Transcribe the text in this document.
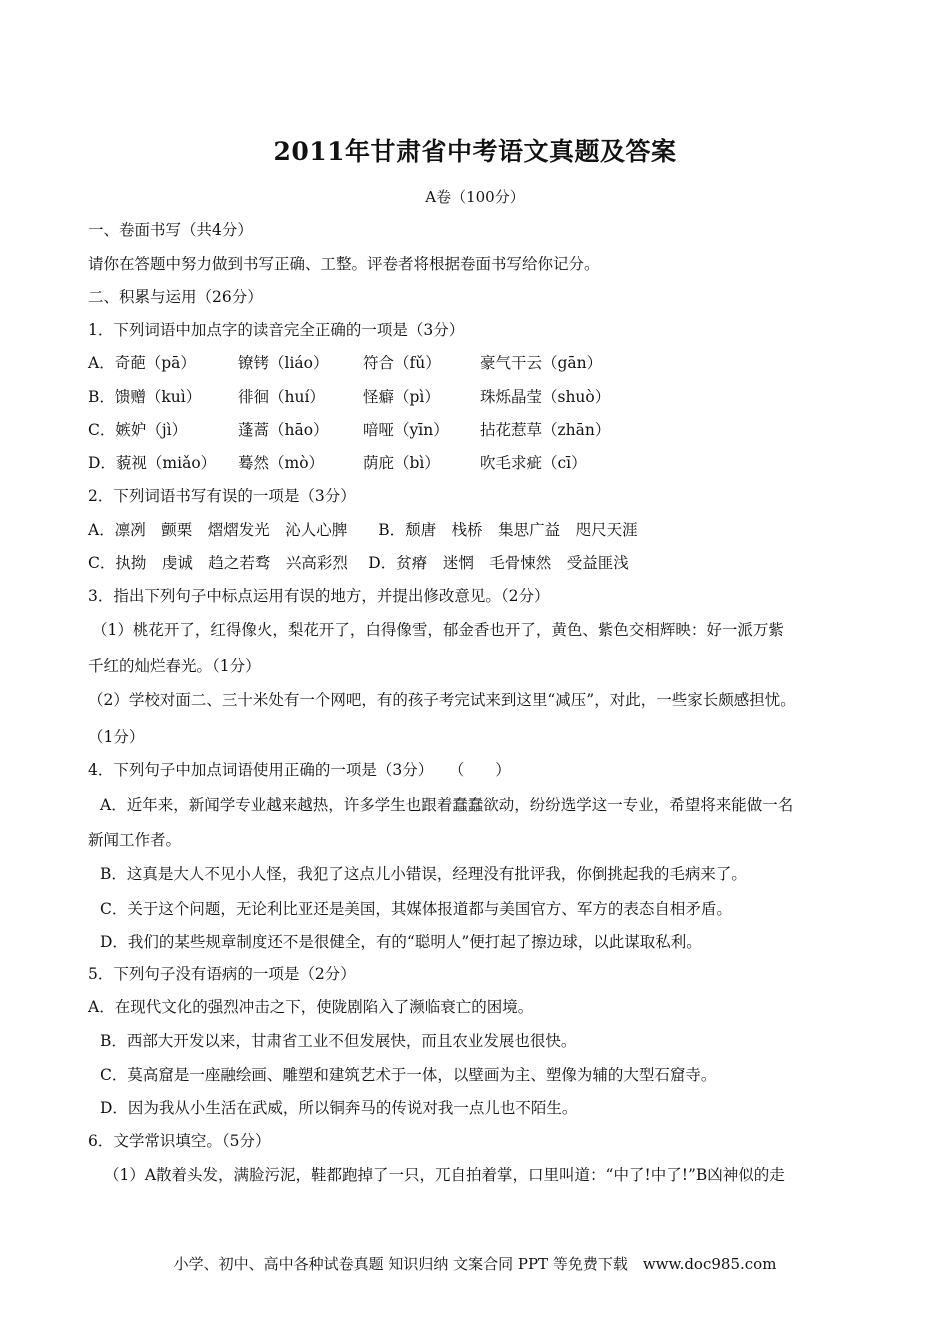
2011年甘肃省中考语文真题及答案
A卷（100分）
一、卷面书写（共4分）
请你在答题中努力做到书写正确、工整。评卷者将根据卷面书写给你记分。
二、积累与运用（26分）
1．下列词语中加点字的读音完全正确的一项是（3分）
A．奇葩（pā）	镣铐（liáo） 符合（fǔ）	豪气干云（gān）
B．馈赠（kuì） 徘徊（huí） 怪癖（pì）	珠烁晶莹（shuò）
C．嫉妒（jì）	蓬蒿（hāo） 喑哑（yīn） 拈花惹草（zhān）
D．藐视（miǎo） 蓦然（mò）	荫庇（bì）	吹毛求疵（cī）
2．下列词语书写有误的一项是（3分）
A．凛冽　颤栗　熠熠发光　沁人心脾　　B．颓唐　栈桥　集思广益　咫尺天涯
C．执拗　虔诚　趋之若骛　兴高彩烈　 D．贫瘠　迷惘　毛骨悚然　受益匪浅
3．指出下列句子中标点运用有误的地方，并提出修改意见。（2分）
（1）桃花开了，红得像火，梨花开了，白得像雪，郁金香也开了，黄色、紫色交相辉映：好一派万紫
千红的灿烂春光。（1分）
（2）学校对面二、三十米处有一个网吧，有的孩子考完试来到这里“减压”，对此，一些家长颇感担忧。
（1分）
4．下列句子中加点词语使用正确的一项是（3分）　　（　　）
A．近年来，新闻学专业越来越热，许多学生也跟着蠢蠢欲动，纷纷选学这一专业，希望将来能做一名
新闻工作者。
B．这真是大人不见小人怪，我犯了这点儿小错误，经理没有批评我，你倒挑起我的毛病来了。
C．关于这个问题，无论利比亚还是美国，其媒体报道都与美国官方、军方的表态自相矛盾。
D．我们的某些规章制度还不是很健全，有的“聪明人”便打起了擦边球，以此谋取私利。
5．下列句子没有语病的一项是（2分）
A．在现代文化的强烈冲击之下，使陇剧陷入了濒临衰亡的困境。
B．西部大开发以来，甘肃省工业不但发展快，而且农业发展也很快。
C．莫高窟是一座融绘画、雕塑和建筑艺术于一体，以壁画为主、塑像为辅的大型石窟寺。
D．因为我从小生活在武威，所以铜奔马的传说对我一点儿也不陌生。
6．文学常识填空。（5分）
（1）A散着头发，满脸污泥，鞋都跑掉了一只，兀自拍着掌，口里叫道：“中了!中了!”B凶神似的走
小学、初中、高中各种试卷真题 知识归纳 文案合同 PPT 等免费下载　www.doc985.com
